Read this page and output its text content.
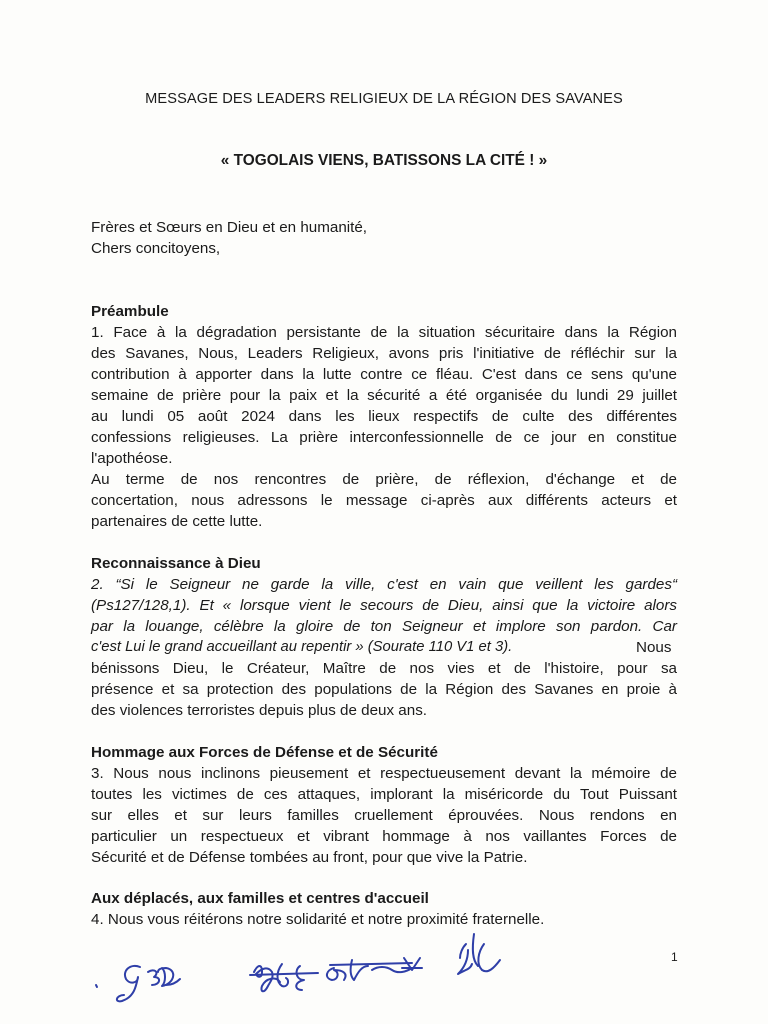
MESSAGE DES LEADERS RELIGIEUX DE LA RÉGION DES SAVANES
« TOGOLAIS VIENS, BATISSONS LA CITÉ ! »
Frères et Sœurs en Dieu et en humanité,
Chers concitoyens,
Préambule
1. Face à la dégradation persistante de la situation sécuritaire dans la Région
des Savanes, Nous, Leaders Religieux, avons pris l'initiative de réfléchir sur la
contribution à apporter dans la lutte contre ce fléau. C'est dans ce sens qu'une
semaine de prière pour la paix et la sécurité a été organisée du lundi 29 juillet
au lundi 05 août 2024 dans les lieux respectifs de culte des différentes
confessions religieuses. La prière interconfessionnelle de ce jour en constitue
l'apothéose.
Au terme de nos rencontres de prière, de réflexion, d'échange et de
concertation, nous adressons le message ci-après aux différents acteurs et
partenaires de cette lutte.
Reconnaissance à Dieu
2. “Si le Seigneur ne garde la ville, c'est en vain que veillent les gardes“
(Ps127/128,1). Et « lorsque vient le secours de Dieu, ainsi que la victoire alors
par la louange, célèbre la gloire de ton Seigneur et implore son pardon. Car
c'est Lui le grand accueillant au repentir » (Sourate 110 V1 et 3).	Nous
bénissons Dieu, le Créateur, Maître de nos vies et de l'histoire, pour sa
présence et sa protection des populations de la Région des Savanes en proie à
des violences terroristes depuis plus de deux ans.
Hommage aux Forces de Défense et de Sécurité
3. Nous nous inclinons pieusement et respectueusement devant la mémoire de
toutes les victimes de ces attaques, implorant la miséricorde du Tout Puissant
sur elles et sur leurs familles cruellement éprouvées. Nous rendons en
particulier un respectueux et vibrant hommage à nos vaillantes Forces de
Sécurité et de Défense tombées au front, pour que vive la Patrie.
Aux déplacés, aux familles et centres d'accueil
4. Nous vous réitérons notre solidarité et notre proximité fraternelle.
1
